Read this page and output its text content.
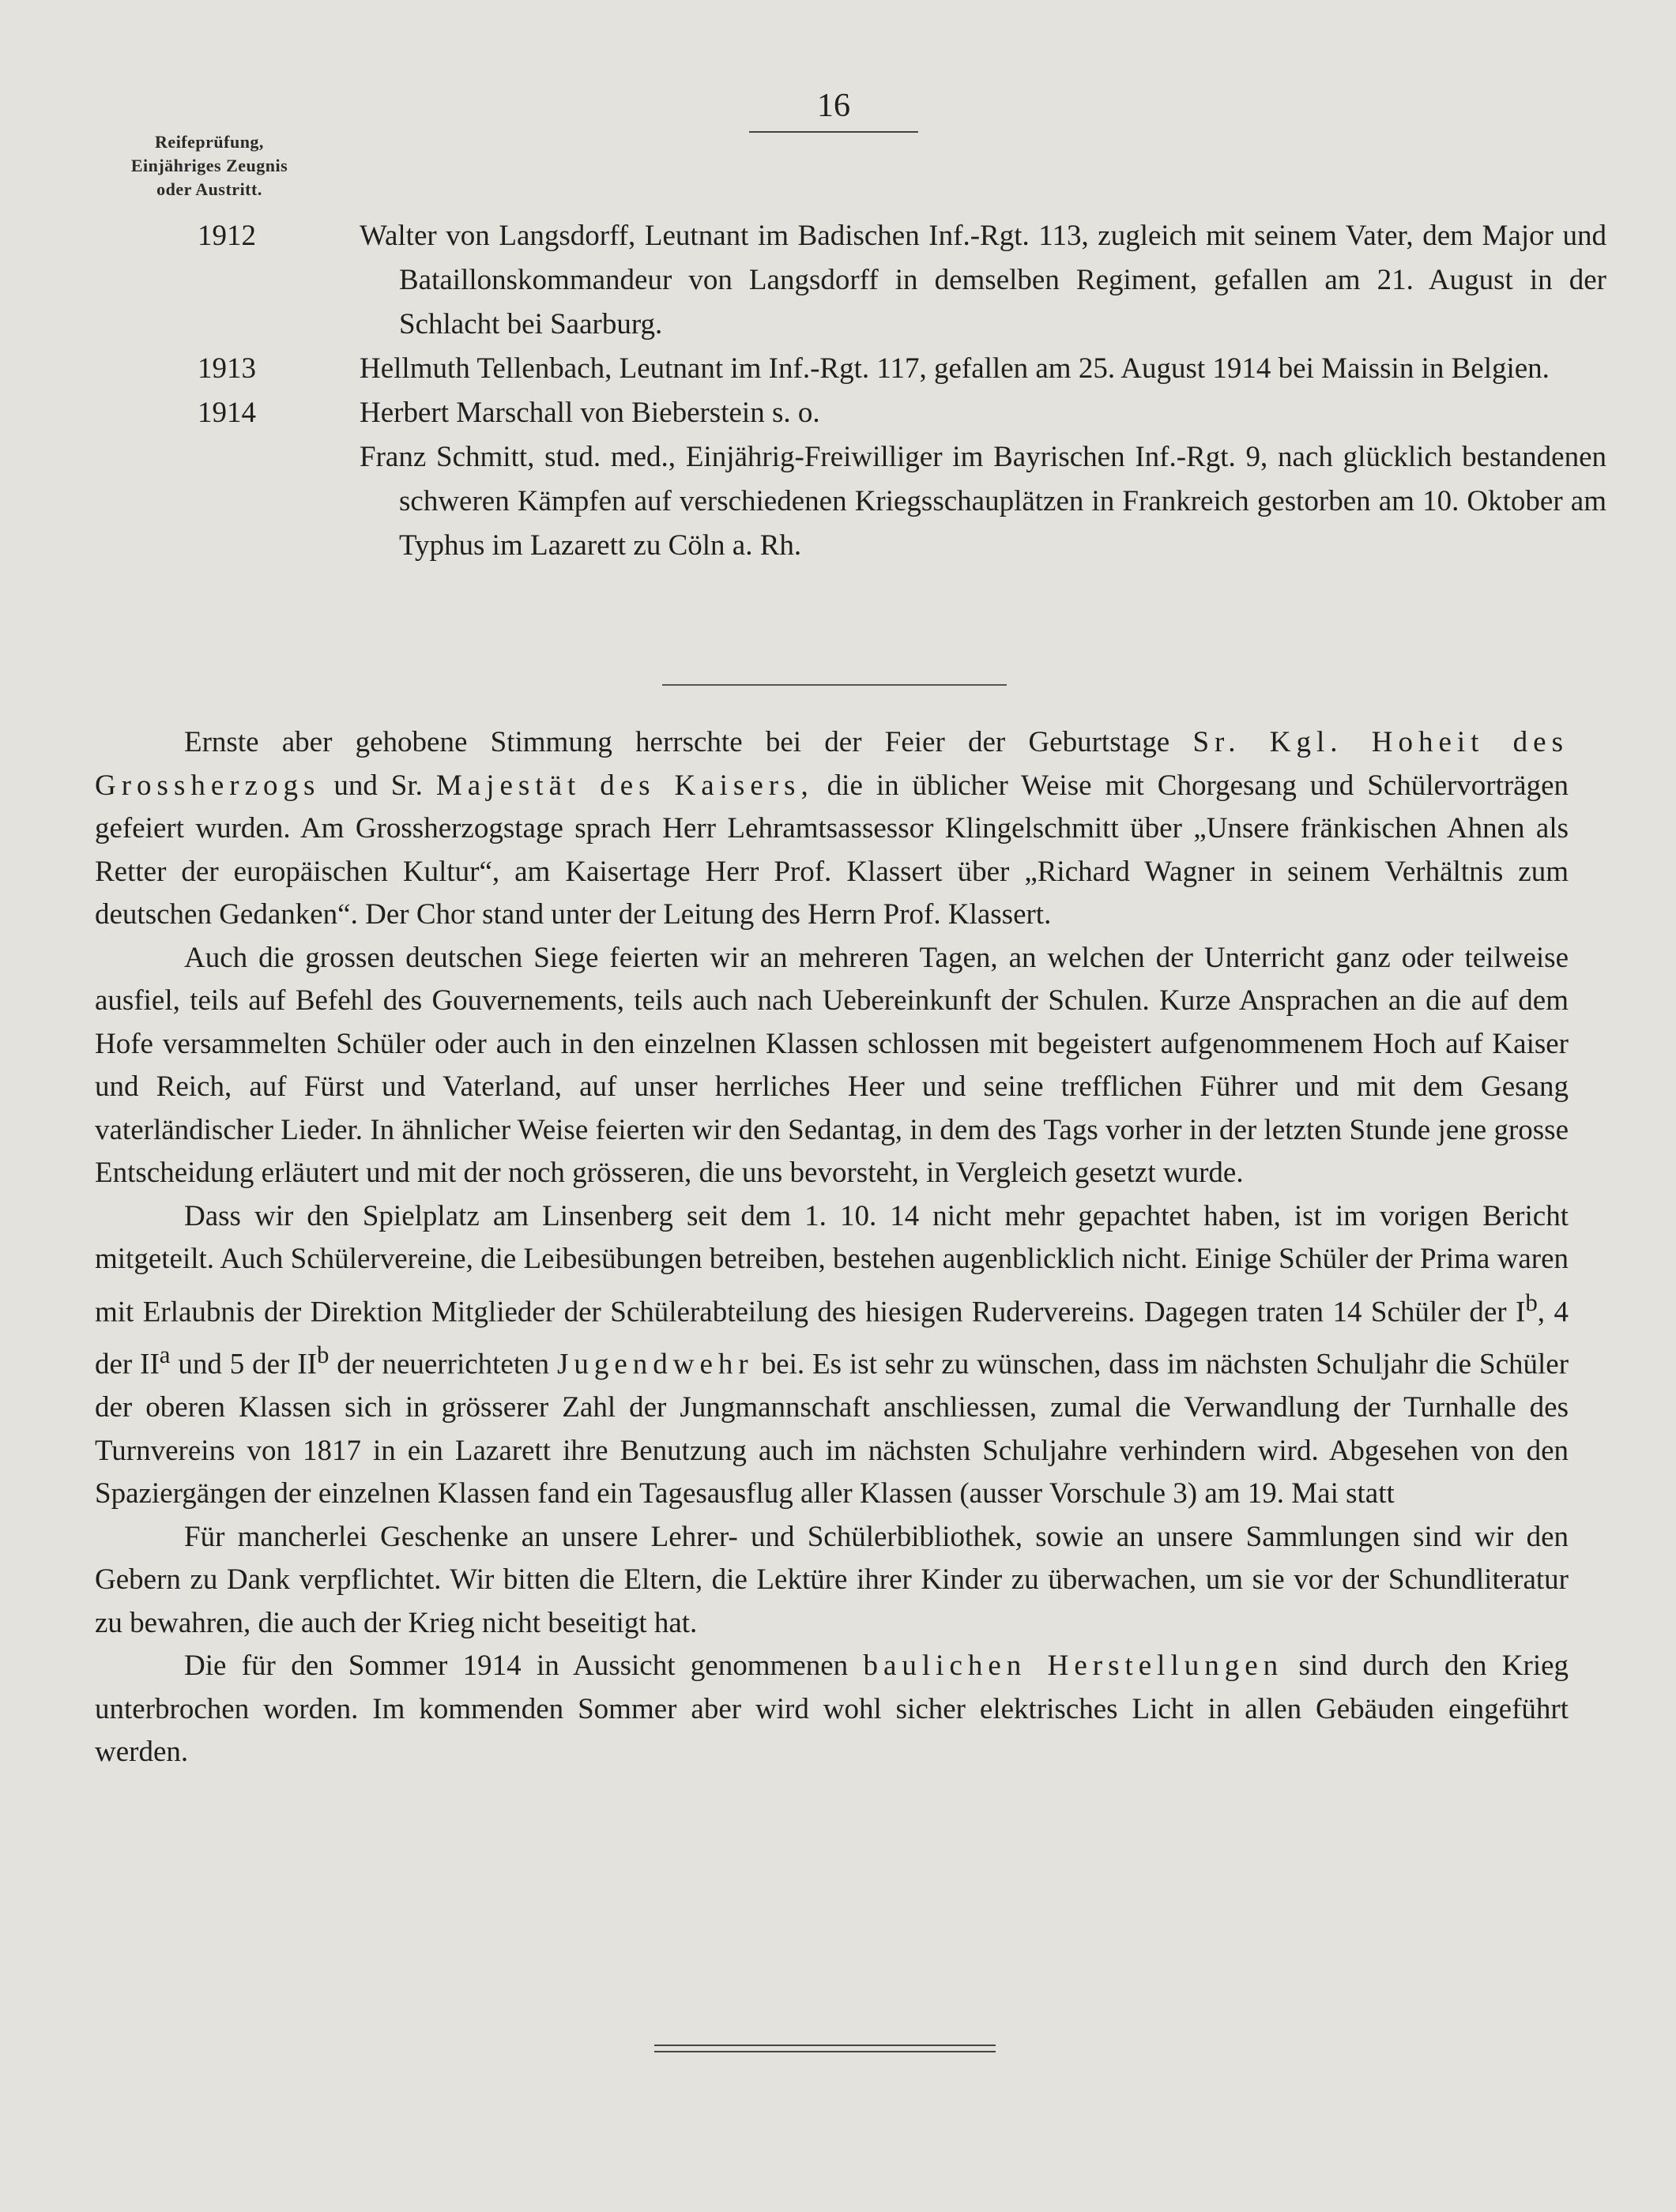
16
Reifeprüfung,
Einjähriges Zeugnis
oder Austritt.
1912	Walter von Langsdorff, Leutnant im Badischen Inf.-Rgt. 113, zugleich mit seinem Vater, dem Major und Bataillonskommandeur von Langsdorff in demselben Regiment, gefallen am 21. August in der Schlacht bei Saarburg.
1913	Hellmuth Tellenbach, Leutnant im Inf.-Rgt. 117, gefallen am 25. August 1914 bei Maissin in Belgien.
1914	Herbert Marschall von Bieberstein s. o.
Franz Schmitt, stud. med., Einjährig-Freiwilliger im Bayrischen Inf.-Rgt. 9, nach glücklich bestandenen schweren Kämpfen auf verschiedenen Kriegsschauplätzen in Frankreich gestorben am 10. Oktober am Typhus im Lazarett zu Cöln a. Rh.

Ernste aber gehobene Stimmung herrschte bei der Feier der Geburtstage Sr. Kgl. Hoheit des Grossherzogs und Sr. Majestät des Kaisers, die in üblicher Weise mit Chorgesang und Schülervorträgen gefeiert wurden. Am Grossherzogstage sprach Herr Lehramtsassessor Klingelschmitt über „Unsere fränkischen Ahnen als Retter der europäischen Kultur“, am Kaisertage Herr Prof. Klassert über „Richard Wagner in seinem Verhältnis zum deutschen Gedanken“. Der Chor stand unter der Leitung des Herrn Prof. Klassert.

Auch die grossen deutschen Siege feierten wir an mehreren Tagen, an welchen der Unterricht ganz oder teilweise ausfiel, teils auf Befehl des Gouvernements, teils auch nach Uebereinkunft der Schulen. Kurze Ansprachen an die auf dem Hofe versammelten Schüler oder auch in den einzelnen Klassen schlossen mit begeistert aufgenommenem Hoch auf Kaiser und Reich, auf Fürst und Vaterland, auf unser herrliches Heer und seine trefflichen Führer und mit dem Gesang vaterländischer Lieder. In ähnlicher Weise feierten wir den Sedantag, in dem des Tags vorher in der letzten Stunde jene grosse Entscheidung erläutert und mit der noch grösseren, die uns bevorsteht, in Vergleich gesetzt wurde.

Dass wir den Spielplatz am Linsenberg seit dem 1. 10. 14 nicht mehr gepachtet haben, ist im vorigen Bericht mitgeteilt. Auch Schülervereine, die Leibesübungen betreiben, bestehen augenblicklich nicht. Einige Schüler der Prima waren mit Erlaubnis der Direktion Mitglieder der Schülerabteilung des hiesigen Rudervereins. Dagegen traten 14 Schüler der $I^b$, 4 der $II^a$ und 5 der $II^b$ der neuerrichteten Jugendwehr bei. Es ist sehr zu wünschen, dass im nächsten Schuljahr die Schüler der oberen Klassen sich in grösserer Zahl der Jungmannschaft anschliessen, zumal die Verwandlung der Turnhalle des Turnvereins von 1817 in ein Lazarett ihre Benutzung auch im nächsten Schuljahre verhindern wird. Abgesehen von den Spaziergängen der einzelnen Klassen fand ein Tagesausflug aller Klassen (ausser Vorschule 3) am 19. Mai statt

Für mancherlei Geschenke an unsere Lehrer- und Schülerbibliothek, sowie an unsere Sammlungen sind wir den Gebern zu Dank verpflichtet. Wir bitten die Eltern, die Lektüre ihrer Kinder zu überwachen, um sie vor der Schundliteratur zu bewahren, die auch der Krieg nicht beseitigt hat.

Die für den Sommer 1914 in Aussicht genommenen baulichen Herstellungen sind durch den Krieg unterbrochen worden. Im kommenden Sommer aber wird wohl sicher elektrisches Licht in allen Gebäuden eingeführt werden.
